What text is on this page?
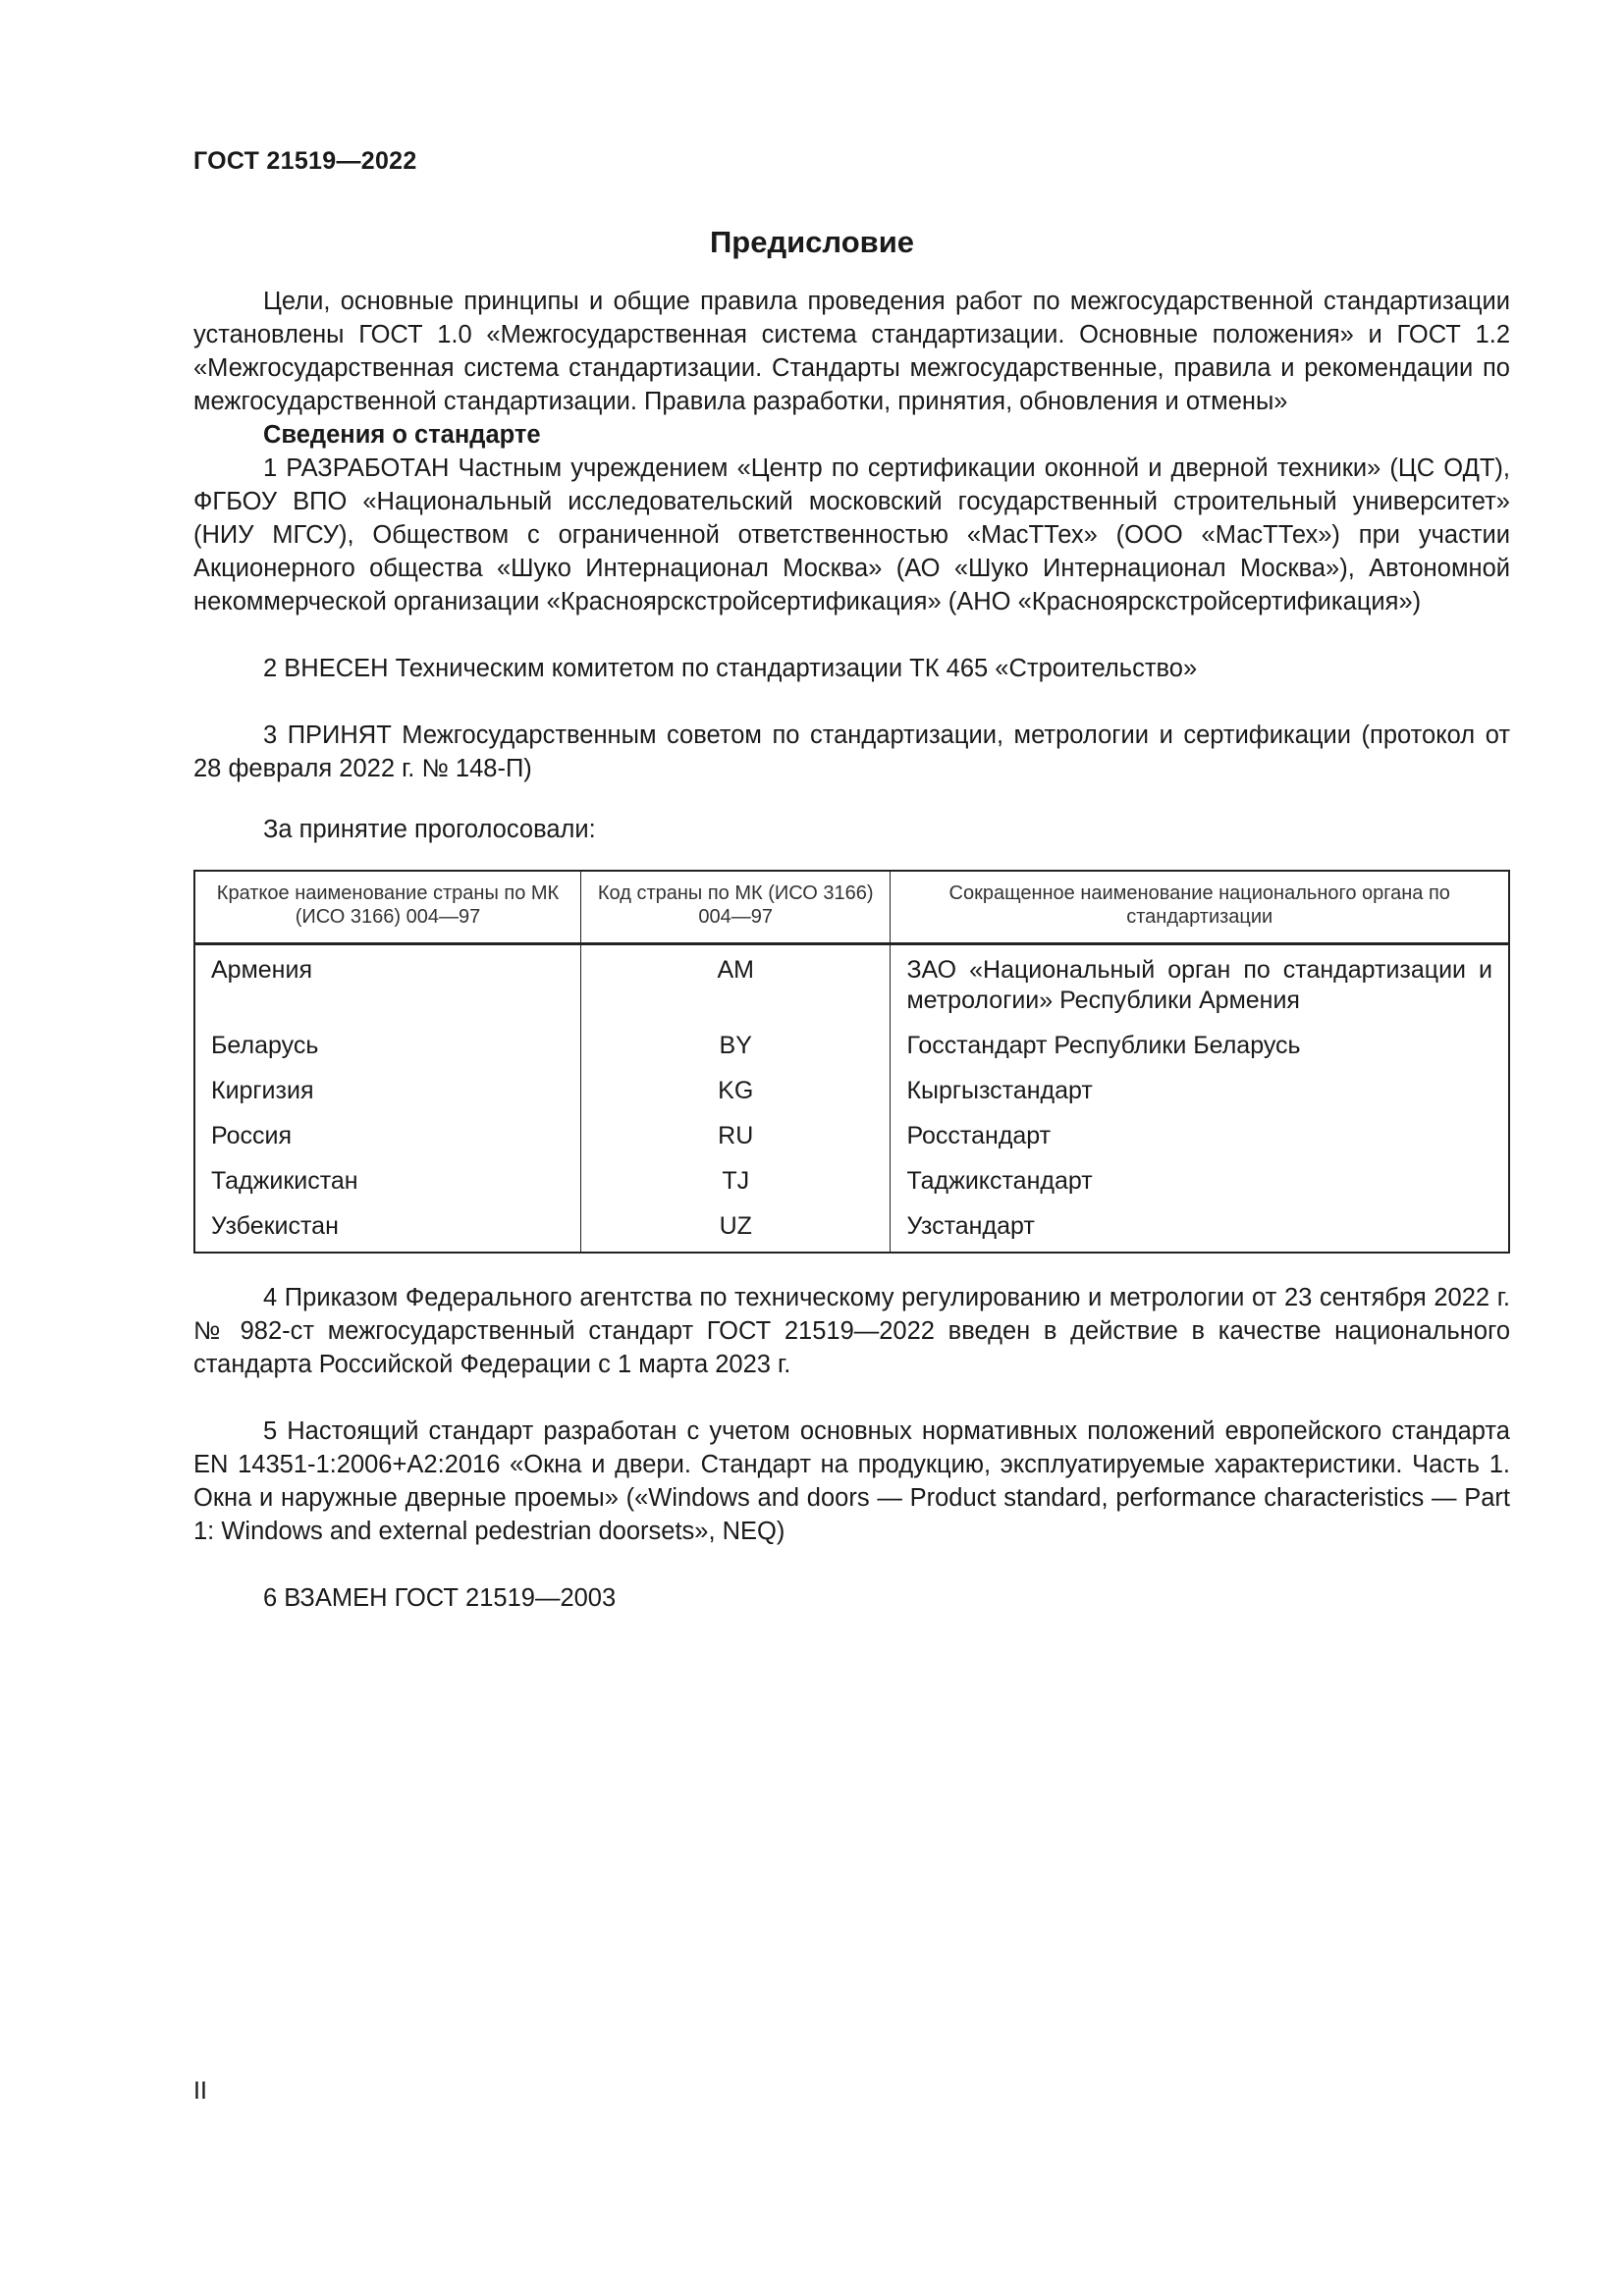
ГОСТ 21519—2022
Предисловие

Цели, основные принципы и общие правила проведения работ по межгосударственной стандартизации установлены ГОСТ 1.0 «Межгосударственная система стандартизации. Основные положения» и ГОСТ 1.2 «Межгосударственная система стандартизации. Стандарты межгосударственные, правила и рекомендации по межгосударственной стандартизации. Правила разработки, принятия, обновления и отмены»

Сведения о стандарте

1 РАЗРАБОТАН Частным учреждением «Центр по сертификации оконной и дверной техники» (ЦС ОДТ), ФГБОУ ВПО «Национальный исследовательский московский государственный строительный университет» (НИУ МГСУ), Обществом с ограниченной ответственностью «МасТТех» (ООО «МасТТех») при участии Акционерного общества «Шуко Интернационал Москва» (АО «Шуко Интернационал Москва»), Автономной некоммерческой организации «Красноярскстройсертификация» (АНО «Красноярскстройсертификация»)

2 ВНЕСЕН Техническим комитетом по стандартизации ТК 465 «Строительство»

3 ПРИНЯТ Межгосударственным советом по стандартизации, метрологии и сертификации (протокол от 28 февраля 2022 г. № 148-П)

За принятие проголосовали:

Краткое наименование страны по МК (ИСО 3166) 004—97	Код страны по МК (ИСО 3166) 004—97	Сокращенное наименование национального органа по стандартизации
Армения	AM	ЗАО «Национальный орган по стандартизации и метрологии» Республики Армения
Беларусь	BY	Госстандарт Республики Беларусь
Киргизия	KG	Кыргызстандарт
Россия	RU	Росстандарт
Таджикистан	TJ	Таджикстандарт
Узбекистан	UZ	Узстандарт

4 Приказом Федерального агентства по техническому регулированию и метрологии от 23 сентября 2022 г. № 982-ст межгосударственный стандарт ГОСТ 21519—2022 введен в действие в качестве национального стандарта Российской Федерации с 1 марта 2023 г.

5 Настоящий стандарт разработан с учетом основных нормативных положений европейского стандарта EN 14351-1:2006+A2:2016 «Окна и двери. Стандарт на продукцию, эксплуатируемые характеристики. Часть 1. Окна и наружные дверные проемы» («Windows and doors — Product standard, performance characteristics — Part 1: Windows and external pedestrian doorsets», NEQ)

6 ВЗАМЕН ГОСТ 21519—2003

II
